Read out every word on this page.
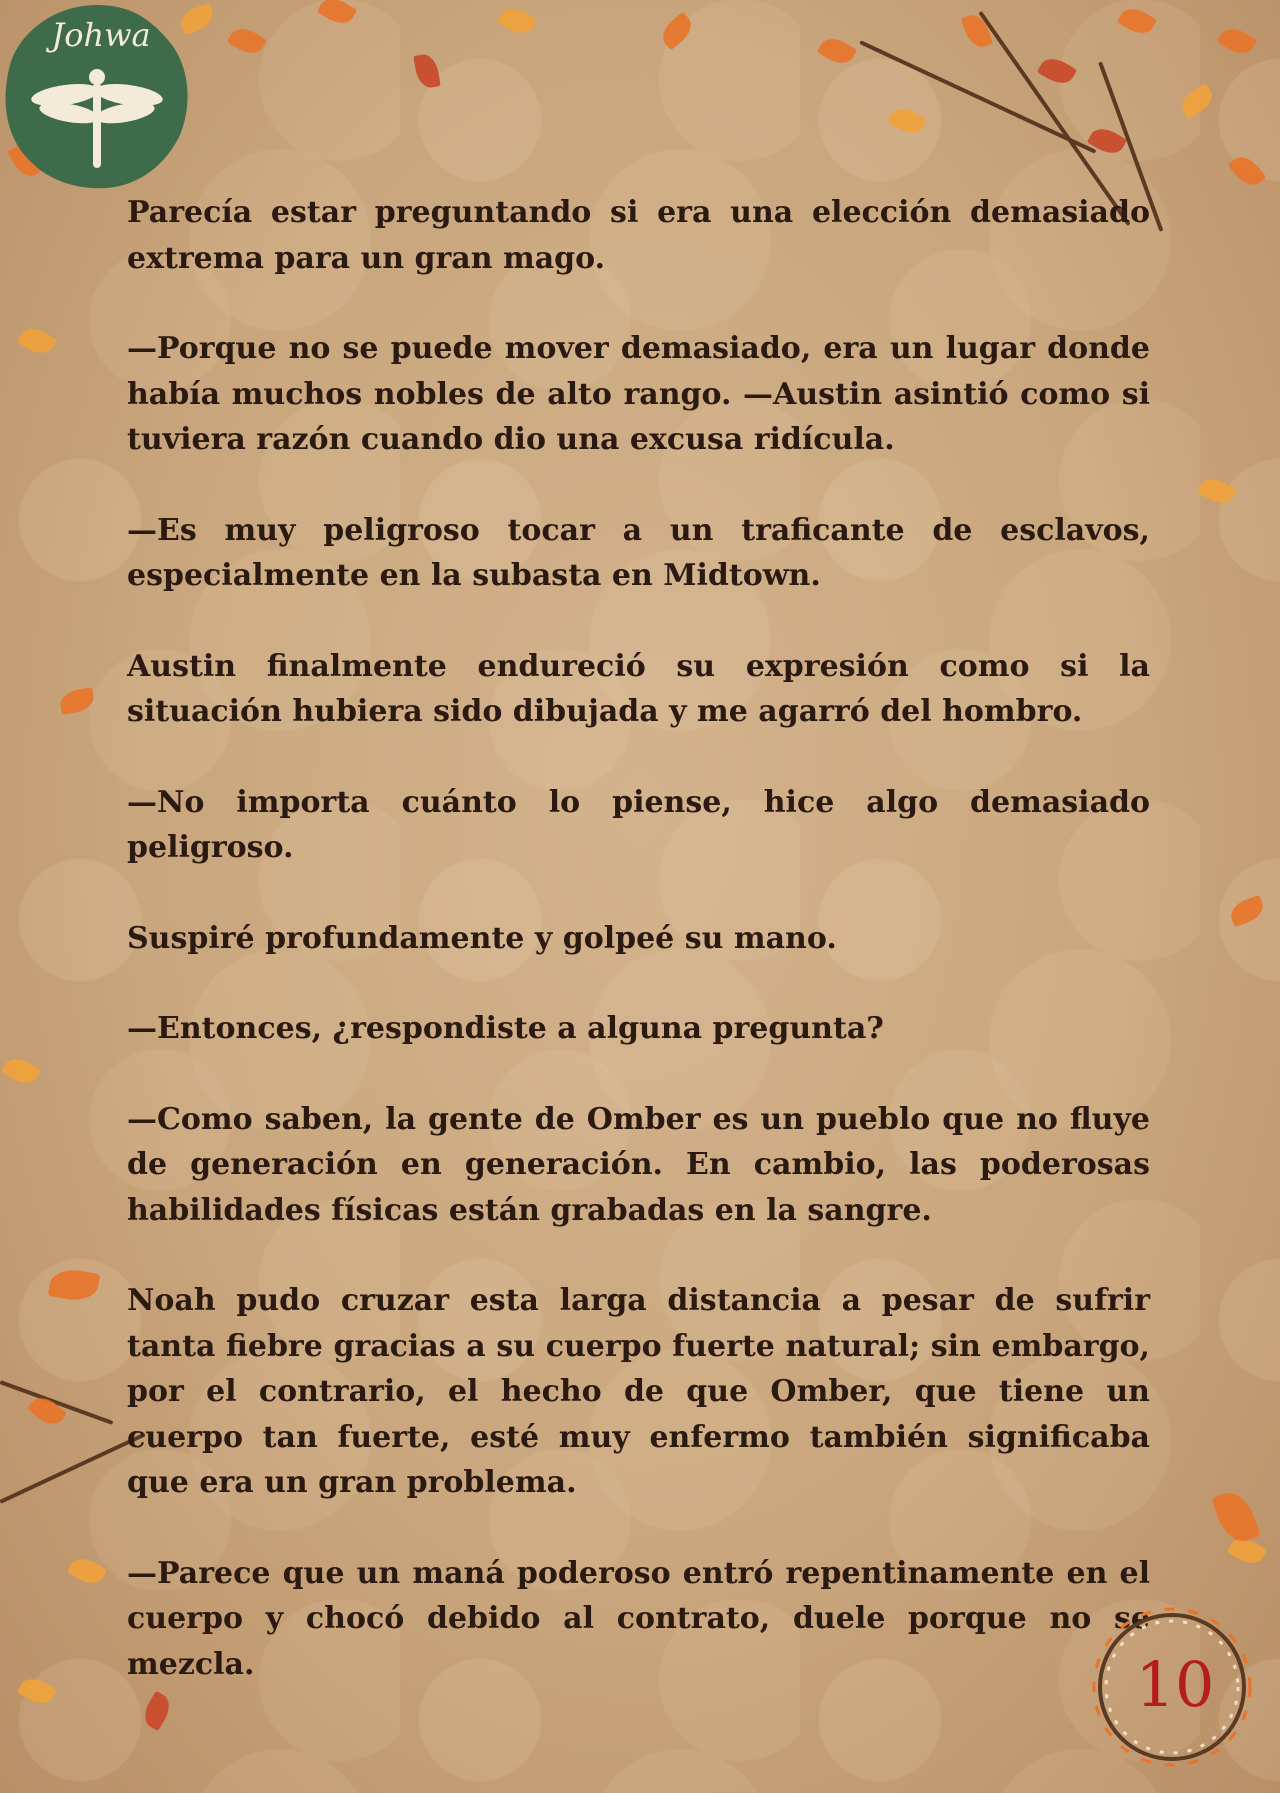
Johwa

Parecía estar preguntando si era una elección demasiado extrema para un gran mago.

—Porque no se puede mover demasiado, era un lugar donde había muchos nobles de alto rango. —Austin asintió como si tuviera razón cuando dio una excusa ridícula.

—Es muy peligroso tocar a un traficante de esclavos, especialmente en la subasta en Midtown.

Austin finalmente endureció su expresión como si la situación hubiera sido dibujada y me agarró del hombro.

—No importa cuánto lo piense, hice algo demasiado peligroso.

Suspiré profundamente y golpeé su mano.

—Entonces, ¿respondiste a alguna pregunta?

—Como saben, la gente de Omber es un pueblo que no fluye de generación en generación. En cambio, las poderosas habilidades físicas están grabadas en la sangre.

Noah pudo cruzar esta larga distancia a pesar de sufrir tanta fiebre gracias a su cuerpo fuerte natural; sin embargo, por el contrario, el hecho de que Omber, que tiene un cuerpo tan fuerte, esté muy enfermo también significaba que era un gran problema.

—Parece que un maná poderoso entró repentinamente en el cuerpo y chocó debido al contrato, duele porque no se mezcla.	10
